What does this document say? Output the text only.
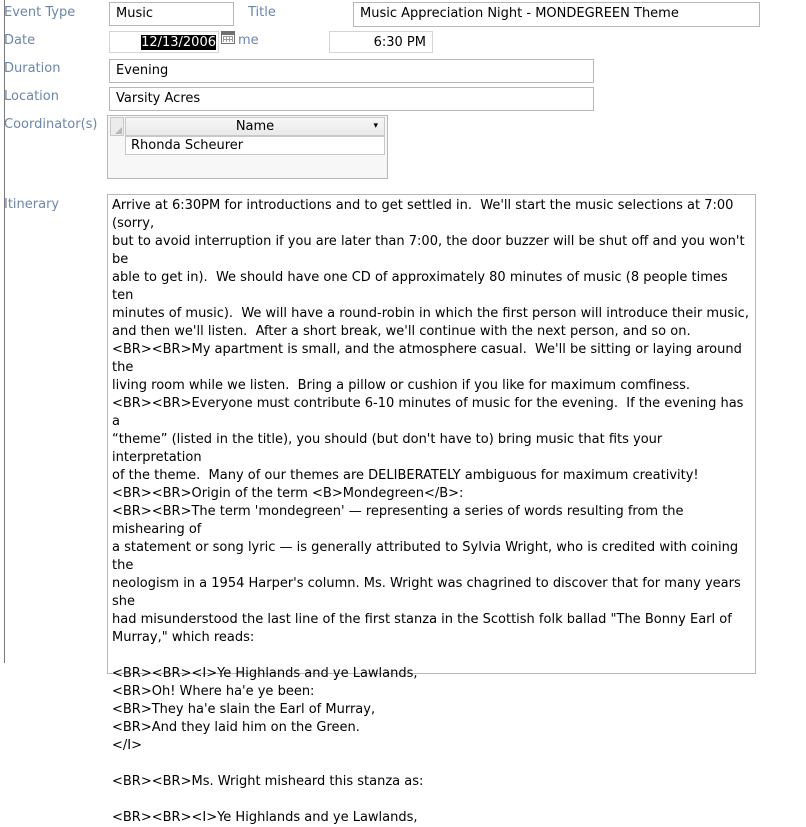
Event Type	Music	Title	Music Appreciation Night - MONDEGREEN Theme
Date	12/13/2006 me	6:30 PM
Duration	Evening
Location	Varsity Acres
Coordinator(s)	Name	▾
Rhonda Scheurer
Itinerary	Arrive at 6:30PM for introductions and to get settled in.  We'll start the music selections at 7:00 (sorry,

but to avoid interruption if you are later than 7:00, the door buzzer will be shut off and you won't be

able to get in).  We should have one CD of approximately 80 minutes of music (8 people times ten

minutes of music).  We will have a round-robin in which the first person will introduce their music,

and then we'll listen.  After a short break, we'll continue with the next person, and so on.

<BR><BR>My apartment is small, and the atmosphere casual.  We'll be sitting or laying around the

living room while we listen.  Bring a pillow or cushion if you like for maximum comfiness.

<BR><BR>Everyone must contribute 6-10 minutes of music for the evening.  If the evening has a

“theme” (listed in the title), you should (but don't have to) bring music that fits your interpretation

of the theme.  Many of our themes are DELIBERATELY ambiguous for maximum creativity!

<BR><BR>Origin of the term <B>Mondegreen</B>:

<BR><BR>The term 'mondegreen' — representing a series of words resulting from the mishearing of

a statement or song lyric — is generally attributed to Sylvia Wright, who is credited with coining the

neologism in a 1954 Harper's column. Ms. Wright was chagrined to discover that for many years she

had misunderstood the last line of the first stanza in the Scottish folk ballad "The Bonny Earl of

Murray," which reads:

<BR><BR><I>Ye Highlands and ye Lawlands,

<BR>Oh! Where ha'e ye been:

<BR>They ha'e slain the Earl of Murray,

<BR>And they laid him on the Green.

</I>

<BR><BR>Ms. Wright misheard this stanza as:

<BR><BR><I>Ye Highlands and ye Lawlands,
